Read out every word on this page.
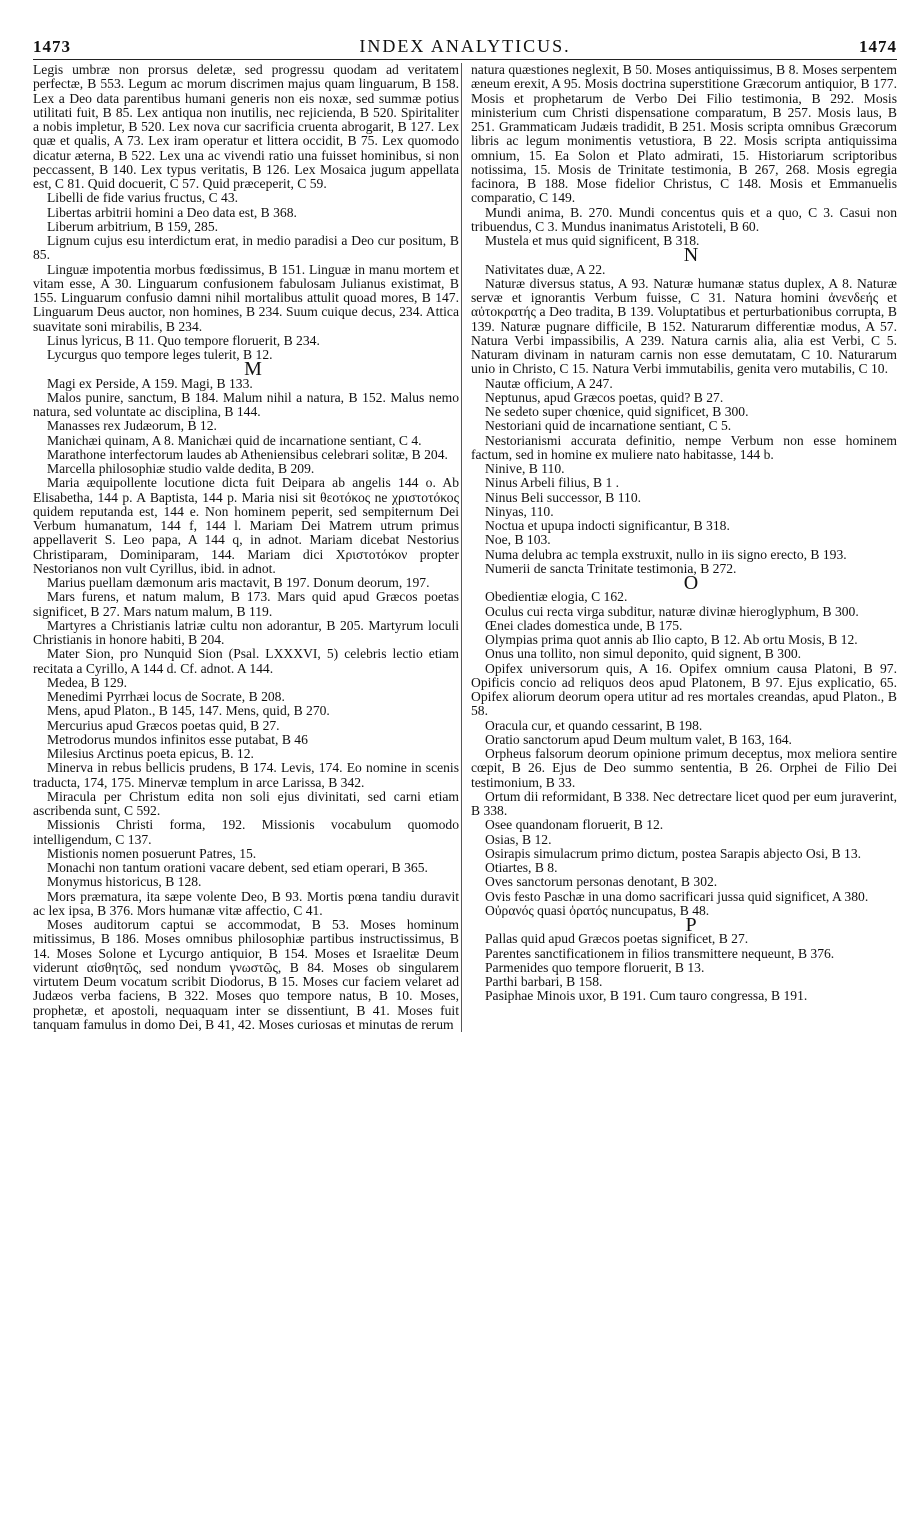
1473	INDEX ANALYTICUS.	1474

Legis umbræ non prorsus deletæ, sed progressu quodam ad veritatem perfectæ, B 553. Legum ac morum discrimen majus quam linguarum, B 158. Lex a Deo data parentibus humani generis non eis noxæ, sed summæ potius utilitati fuit, B 85. Lex antiqua non inutilis, nec rejicienda, B 520. Spiritaliter a nobis impletur, B 520. Lex nova cur sacrificia cruenta abrogarit, B 127. Lex quæ et qualis, A 73. Lex iram operatur et littera occidit, B 75. Lex quomodo dicatur æterna, B 522. Lex una ac vivendi ratio una fuisset hominibus, si non peccassent, B 140. Lex typus veritatis, B 126. Lex Mosaica jugum appellata est, C 81. Quid docuerit, C 57. Quid præceperit, C 59.

Libelli de fide varius fructus, C 43.

Libertas arbitrii homini a Deo data est, B 368.

Liberum arbitrium, B 159, 285.

Lignum cujus esu interdictum erat, in medio paradisi a Deo cur positum, B 85.

Linguæ impotentia morbus fœdissimus, B 151. Linguæ in manu mortem et vitam esse, A 30. Linguarum confusionem fabulosam Julianus existimat, B 155. Linguarum confusio damni nihil mortalibus attulit quoad mores, B 147. Linguarum Deus auctor, non homines, B 234. Suum cuique decus, 234. Attica suavitate soni mirabilis, B 234.

Linus lyricus, B 11. Quo tempore floruerit, B 234.

Lycurgus quo tempore leges tulerit, B 12.

M

Magi ex Perside, A 159. Magi, B 133.

Malos punire, sanctum, B 184. Malum nihil a natura, B 152. Malus nemo natura, sed voluntate ac disciplina, B 144.

Manasses rex Judæorum, B 12.

Manichæi quinam, A 8. Manichæi quid de incarnatione sentiant, C 4.

Marathone interfectorum laudes ab Atheniensibus celebrari solitæ, B 204.

Marcella philosophiæ studio valde dedita, B 209.

Maria æquipollente locutione dicta fuit Deipara ab angelis 144 o. Ab Elisabetha, 144 p. A Baptista, 144 p. Maria nisi sit θεοτόκος ne χριστοτόκος quidem reputanda est, 144 e. Non hominem peperit, sed sempiternum Dei Verbum humanatum, 144 f, 144 l. Mariam Dei Matrem utrum primus appellaverit S. Leo papa, A 144 q, in adnot. Mariam dicebat Nestorius Christiparam, Dominiparam, 144. Mariam dici Χριστοτόκον propter Nestorianos non vult Cyrillus, ibid. in adnot.

Marius puellam dæmonum aris mactavit, B 197. Donum deorum, 197.

Mars furens, et natum malum, B 173. Mars quid apud Græcos poetas significet, B 27. Mars natum malum, B 119.

Martyres a Christianis latriæ cultu non adorantur, B 205. Martyrum loculi Christianis in honore habiti, B 204.

Mater Sion, pro Nunquid Sion (Psal. LXXXVI, 5) celebris lectio etiam recitata a Cyrillo, A 144 d. Cf. adnot. A 144.

Medea, B 129.

Menedimi Pyrrhæi locus de Socrate, B 208.

Mens, apud Platon., B 145, 147. Mens, quid, B 270.

Mercurius apud Græcos poetas quid, B 27.

Metrodorus mundos infinitos esse putabat, B 46

Milesius Arctinus poeta epicus, B. 12.

Minerva in rebus bellicis prudens, B 174. Levis, 174. Eo nomine in scenis traducta, 174, 175. Minervæ templum in arce Larissa, B 342.

Miracula per Christum edita non soli ejus divinitati, sed carni etiam ascribenda sunt, C 592.

Missionis Christi forma, 192. Missionis vocabulum quomodo intelligendum, C 137.

Mistionis nomen posuerunt Patres, 15.

Monachi non tantum orationi vacare debent, sed etiam operari, B 365.

Monymus historicus, B 128.

Mors præmatura, ita sæpe volente Deo, B 93. Mortis pœna tandiu duravit ac lex ipsa, B 376. Mors humanæ vitæ affectio, C 41.

Moses auditorum captui se accommodat, B 53. Moses hominum mitissimus, B 186. Moses omnibus philosophiæ partibus instructissimus, B 14. Moses Solone et Lycurgo antiquior, B 154. Moses et Israelitæ Deum viderunt αἰσθητῶς, sed nondum γνωστῶς, B 84. Moses ob singularem virtutem Deum vocatum scribit Diodorus, B 15. Moses cur faciem velaret ad Judæos verba faciens, B 322. Moses quo tempore natus, B 10. Moses, prophetæ, et apostoli, nequaquam inter se dissentiunt, B 41. Moses fuit tanquam famulus in domo Dei, B 41, 42. Moses curiosas et minutas de rerum

natura quæstiones neglexit, B 50. Moses antiquissimus, B 8. Moses serpentem æneum erexit, A 95. Mosis doctrina superstitione Græcorum antiquior, B 177. Mosis et prophetarum de Verbo Dei Filio testimonia, B 292. Mosis ministerium cum Christi dispensatione comparatum, B 257. Mosis laus, B 251. Grammaticam Judæis tradidit, B 251. Mosis scripta omnibus Græcorum libris ac legum monimentis vetustiora, B 22. Mosis scripta antiquissima omnium, 15. Ea Solon et Plato admirati, 15. Historiarum scriptoribus notissima, 15. Mosis de Trinitate testimonia, B 267, 268. Mosis egregia facinora, B 188. Mose fidelior Christus, C 148. Mosis et Emmanuelis comparatio, C 149.

Mundi anima, B. 270. Mundi concentus quis et a quo, C 3. Casui non tribuendus, C 3. Mundus inanimatus Aristoteli, B 60.

Mustela et mus quid significent, B 318.

N

Nativitates duæ, A 22.

Naturæ diversus status, A 93. Naturæ humanæ status duplex, A 8. Naturæ servæ et ignorantis Verbum fuisse, C 31. Natura homini ἀνενδεής et αὐτοκρατής a Deo tradita, B 139. Voluptatibus et perturbationibus corrupta, B 139. Naturæ pugnare difficile, B 152. Naturarum differentiæ modus, A 57. Natura Verbi impassibilis, A 239. Natura carnis alia, alia est Verbi, C 5. Naturam divinam in naturam carnis non esse demutatam, C 10. Naturarum unio in Christo, C 15. Natura Verbi immutabilis, genita vero mutabilis, C 10.

Nautæ officium, A 247.

Neptunus, apud Græcos poetas, quid? B 27.

Ne sedeto super chœnice, quid significet, B 300.

Nestoriani quid de incarnatione sentiant, C 5.

Nestorianismi accurata definitio, nempe Verbum non esse hominem factum, sed in homine ex muliere nato habitasse, 144 b.

Ninive, B 110.

Ninus Arbeli filius, B 1 .

Ninus Beli successor, B 110.

Ninyas, 110.

Noctua et upupa indocti significantur, B 318.

Noe, B 103.

Numa delubra ac templa exstruxit, nullo in iis signo erecto, B 193.

Numerii de sancta Trinitate testimonia, B 272.

O

Obedientiæ elogia, C 162.

Oculus cui recta virga subditur, naturæ divinæ hieroglyphum, B 300.

Œnei clades domestica unde, B 175.

Olympias prima quot annis ab Ilio capto, B 12. Ab ortu Mosis, B 12.

Onus una tollito, non simul deponito, quid signent, B 300.

Opifex universorum quis, A 16. Opifex omnium causa Platoni, B 97. Opificis concio ad reliquos deos apud Platonem, B 97. Ejus explicatio, 65. Opifex aliorum deorum opera utitur ad res mortales creandas, apud Platon., B 58.

Oracula cur, et quando cessarint, B 198.

Oratio sanctorum apud Deum multum valet, B 163, 164.

Orpheus falsorum deorum opinione primum deceptus, mox meliora sentire cœpit, B 26. Ejus de Deo summo sententia, B 26. Orphei de Filio Dei testimonium, B 33.

Ortum dii reformidant, B 338. Nec detrectare licet quod per eum juraverint, B 338.

Osee quandonam floruerit, B 12.

Osias, B 12.

Osirapis simulacrum primo dictum, postea Sarapis abjecto Osi, B 13.

Otiartes, B 8.

Oves sanctorum personas denotant, B 302.

Ovis festo Paschæ in una domo sacrificari jussa quid significet, A 380.

Οὐρανός quasi ὁρατός nuncupatus, B 48.

P

Pallas quid apud Græcos poetas significet, B 27.

Parentes sanctificationem in filios transmittere nequeunt, B 376.

Parmenides quo tempore floruerit, B 13.

Parthi barbari, B 158.

Pasiphae Minois uxor, B 191. Cum tauro congressa, B 191.
